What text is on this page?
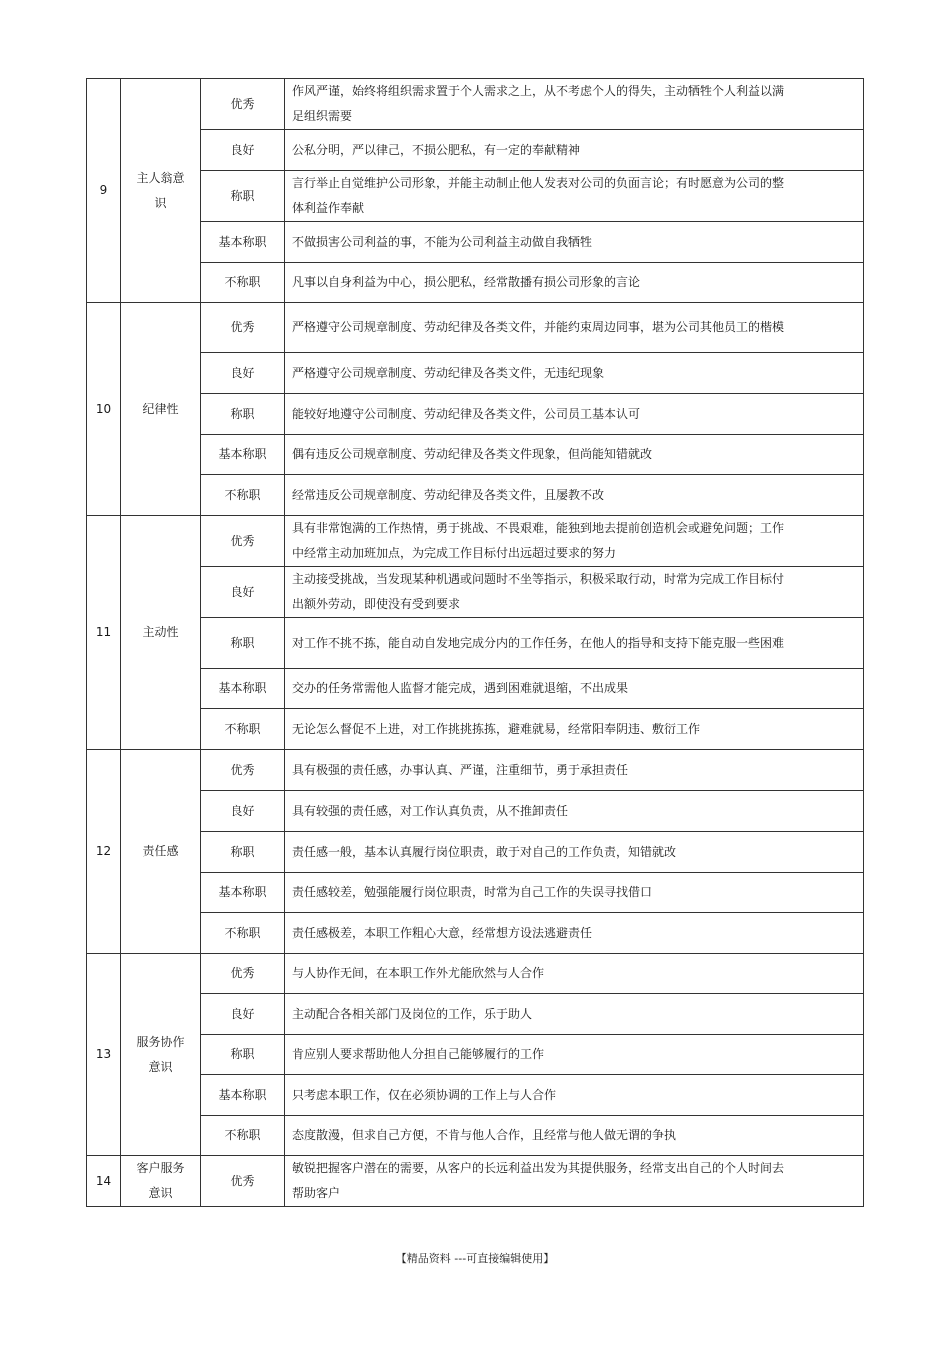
9	主人翁意识	优秀	作风严谨，始终将组织需求置于个人需求之上，从不考虑个人的得失，主动牺牲个人利益以满足组织需要
		良好	公私分明，严以律己，不损公肥私，有一定的奉献精神
		称职	言行举止自觉维护公司形象，并能主动制止他人发表对公司的负面言论；有时愿意为公司的整体利益作奉献
		基本称职	不做损害公司利益的事，不能为公司利益主动做自我牺牲
		不称职	凡事以自身利益为中心，损公肥私，经常散播有损公司形象的言论
10	纪律性	优秀	严格遵守公司规章制度、劳动纪律及各类文件，并能约束周边同事，堪为公司其他员工的楷模
		良好	严格遵守公司规章制度、劳动纪律及各类文件，无违纪现象
		称职	能较好地遵守公司制度、劳动纪律及各类文件，公司员工基本认可
		基本称职	偶有违反公司规章制度、劳动纪律及各类文件现象，但尚能知错就改
		不称职	经常违反公司规章制度、劳动纪律及各类文件，且屡教不改
11	主动性	优秀	具有非常饱满的工作热情，勇于挑战、不畏艰难，能独到地去提前创造机会或避免问题；工作中经常主动加班加点，为完成工作目标付出远超过要求的努力
		良好	主动接受挑战，当发现某种机遇或问题时不坐等指示，积极采取行动，时常为完成工作目标付出额外劳动，即使没有受到要求
		称职	对工作不挑不拣，能自动自发地完成分内的工作任务，在他人的指导和支持下能克服一些困难
		基本称职	交办的任务常需他人监督才能完成，遇到困难就退缩，不出成果
		不称职	无论怎么督促不上进，对工作挑挑拣拣，避难就易，经常阳奉阴违、敷衍工作
12	责任感	优秀	具有极强的责任感，办事认真、严谨，注重细节，勇于承担责任
		良好	具有较强的责任感，对工作认真负责，从不推卸责任
		称职	责任感一般，基本认真履行岗位职责，敢于对自己的工作负责，知错就改
		基本称职	责任感较差，勉强能履行岗位职责，时常为自己工作的失误寻找借口
		不称职	责任感极差，本职工作粗心大意，经常想方设法逃避责任
13	服务协作意识	优秀	与人协作无间，在本职工作外尤能欣然与人合作
		良好	主动配合各相关部门及岗位的工作，乐于助人
		称职	肯应别人要求帮助他人分担自己能够履行的工作
		基本称职	只考虑本职工作，仅在必须协调的工作上与人合作
		不称职	态度散漫，但求自己方便，不肯与他人合作，且经常与他人做无谓的争执
14	客户服务意识	优秀	敏锐把握客户潜在的需要，从客户的长远利益出发为其提供服务，经常支出自己的个人时间去帮助客户
【精品资料 ---可直接编辑使用】
